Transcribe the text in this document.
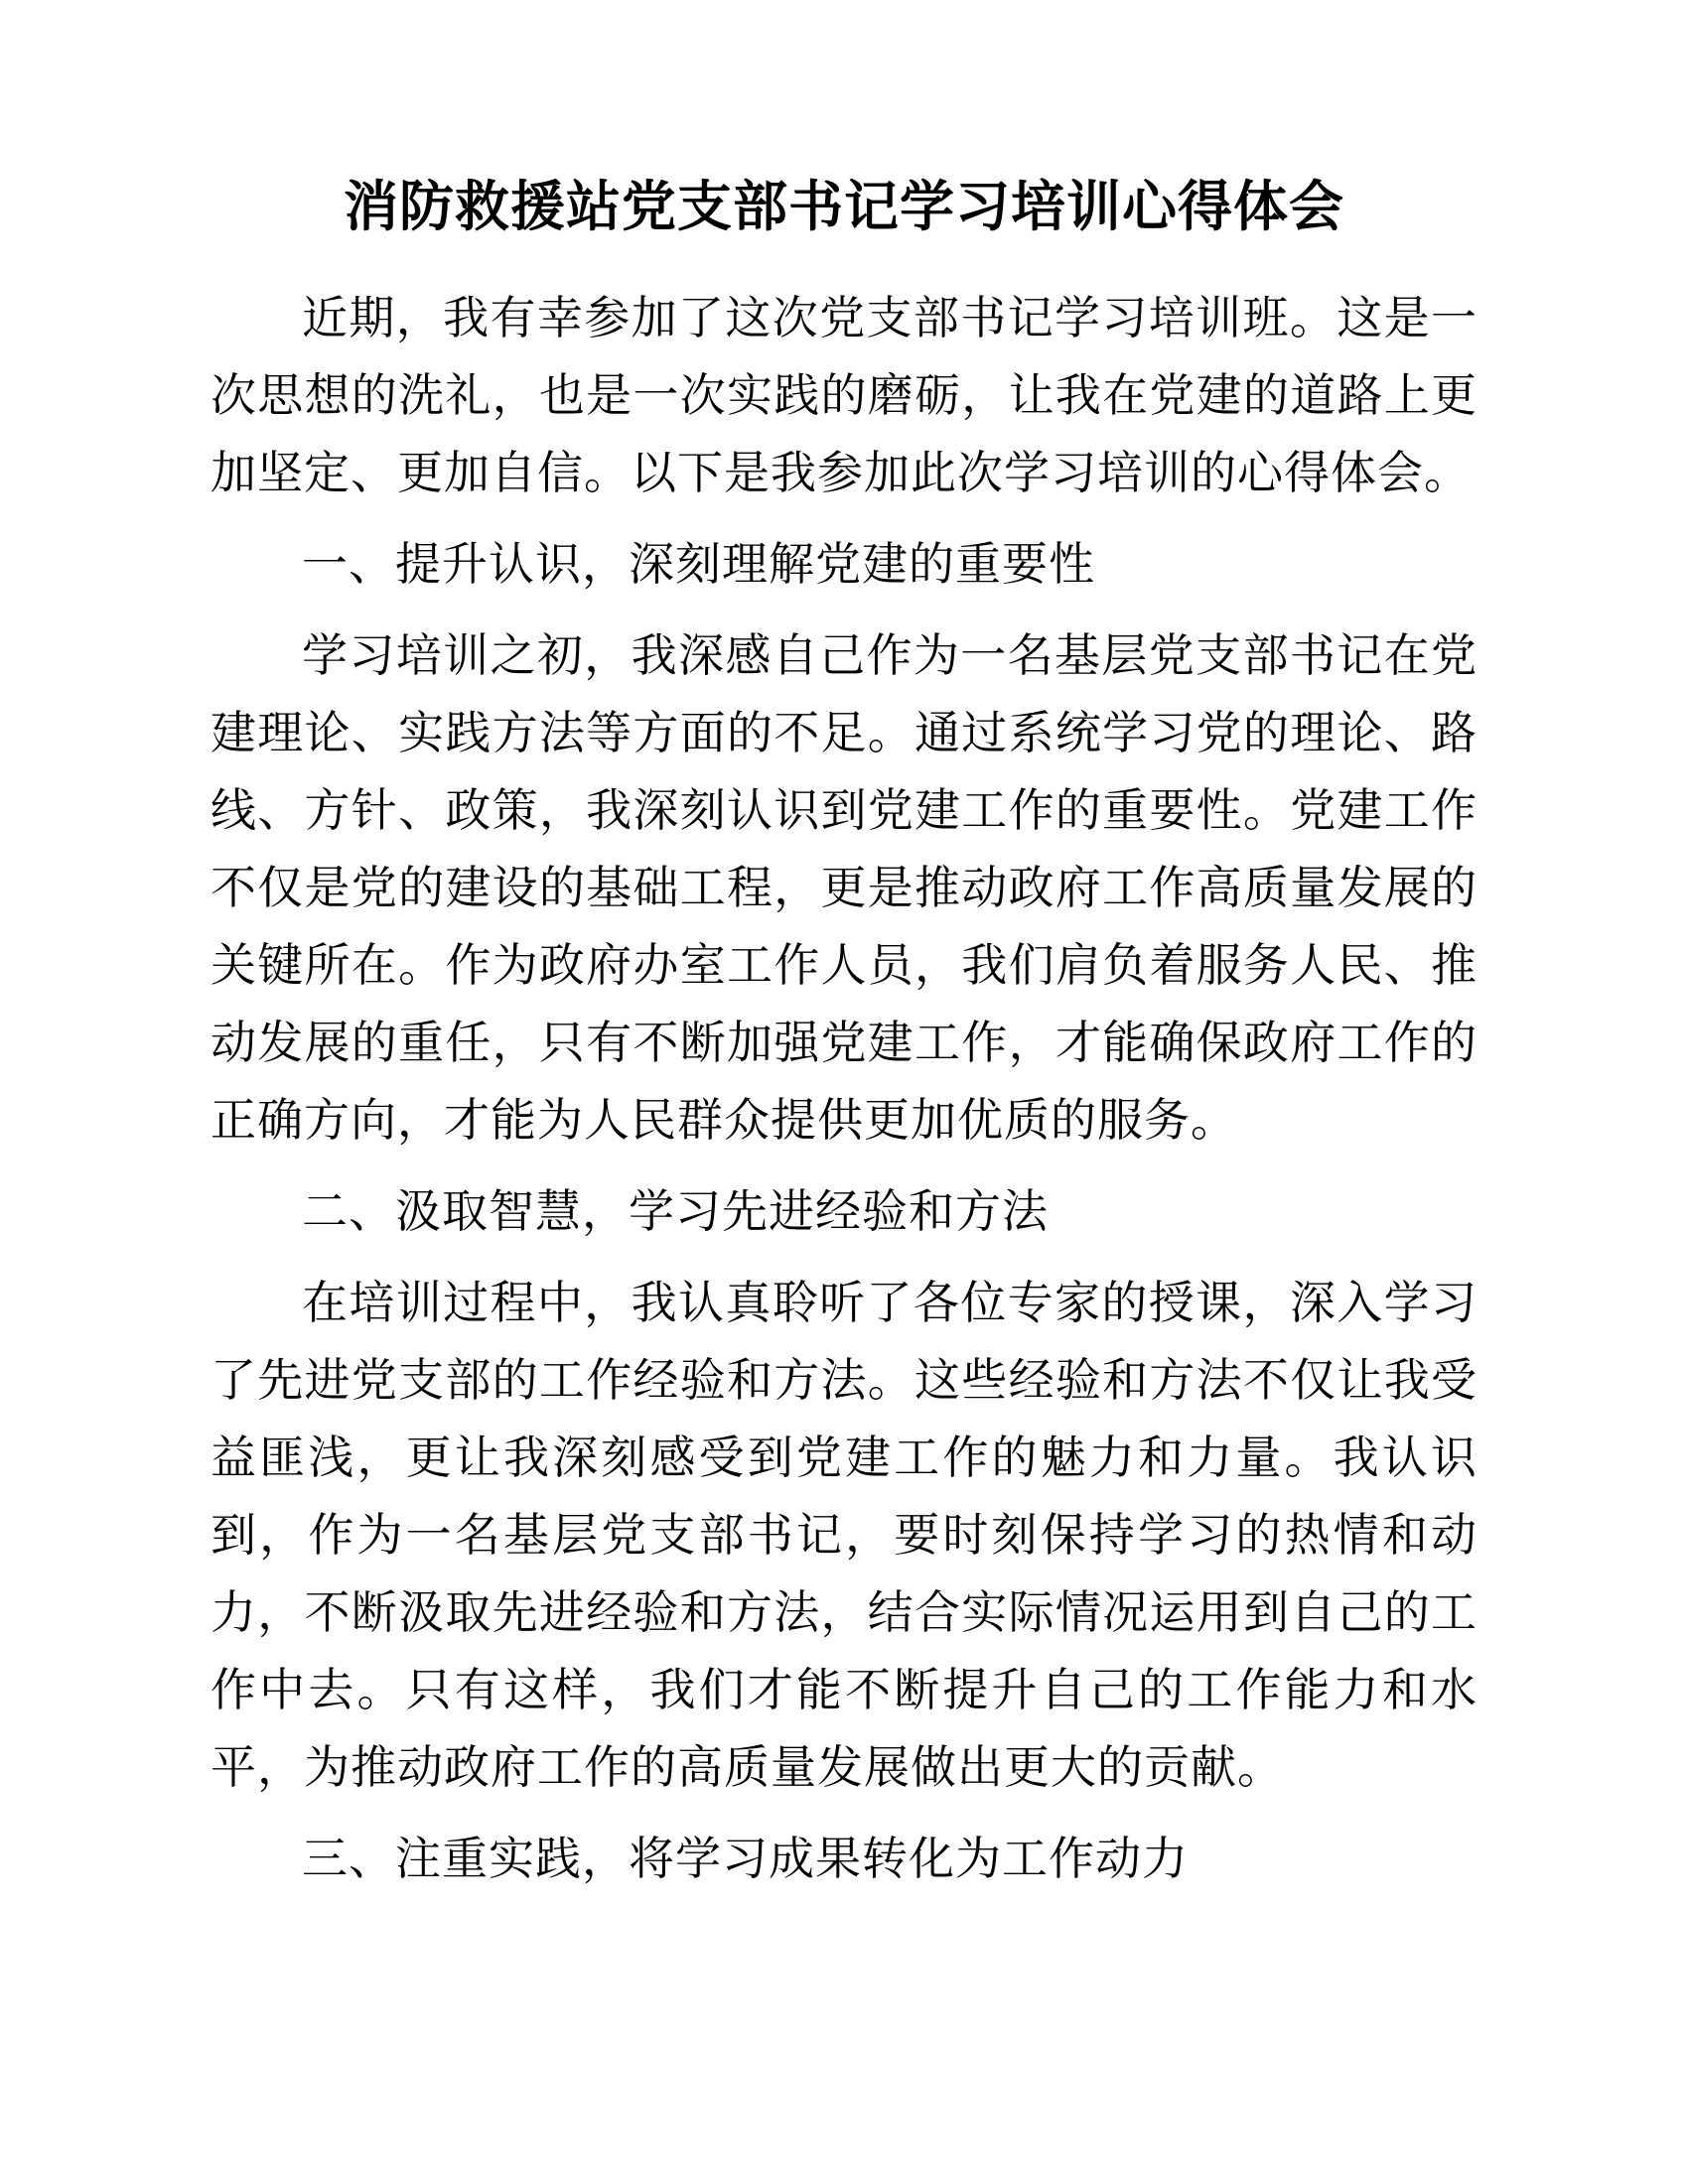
消防救援站党支部书记学习培训心得体会

近期，我有幸参加了这次党支部书记学习培训班。这是一次思想的洗礼，也是一次实践的磨砺，让我在党建的道路上更加坚定、更加自信。以下是我参加此次学习培训的心得体会。

一、提升认识，深刻理解党建的重要性

学习培训之初，我深感自己作为一名基层党支部书记在党建理论、实践方法等方面的不足。通过系统学习党的理论、路线、方针、政策，我深刻认识到党建工作的重要性。党建工作不仅是党的建设的基础工程，更是推动政府工作高质量发展的关键所在。作为政府办室工作人员，我们肩负着服务人民、推动发展的重任，只有不断加强党建工作，才能确保政府工作的正确方向，才能为人民群众提供更加优质的服务。

二、汲取智慧，学习先进经验和方法

在培训过程中，我认真聆听了各位专家的授课，深入学习了先进党支部的工作经验和方法。这些经验和方法不仅让我受益匪浅，更让我深刻感受到党建工作的魅力和力量。我认识到，作为一名基层党支部书记，要时刻保持学习的热情和动力，不断汲取先进经验和方法，结合实际情况运用到自己的工作中去。只有这样，我们才能不断提升自己的工作能力和水平，为推动政府工作的高质量发展做出更大的贡献。

三、注重实践，将学习成果转化为工作动力
